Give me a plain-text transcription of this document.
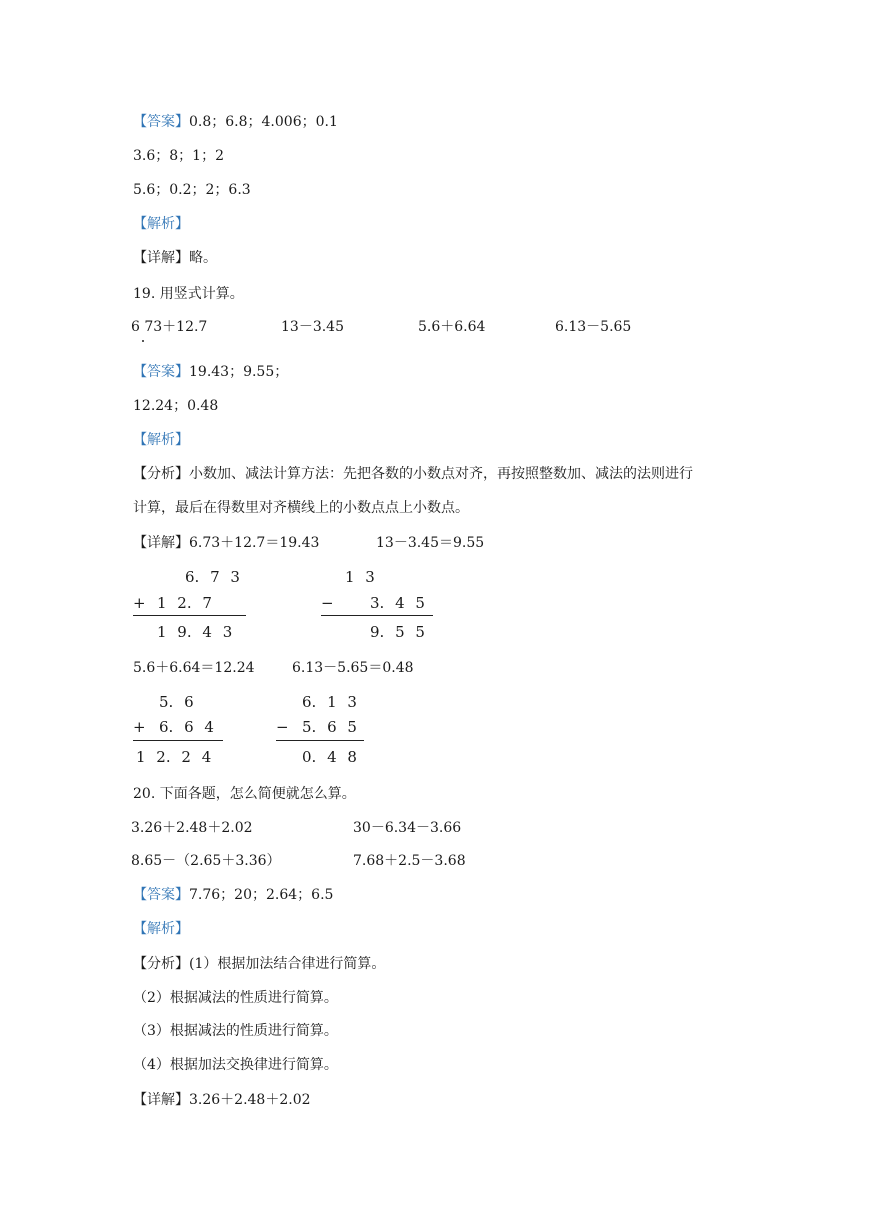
【答案】0.8；6.8；4.006；0.1
3.6；8；1；2
5.6；0.2；2；6.3
【解析】
【详解】略。
19. 用竖式计算。
6 73＋12.7	13－3.45	5.6＋6.64	6.13－5.65
【答案】19.43；9.55；
12.24；0.48
【解析】
【分析】小数加、减法计算方法：先把各数的小数点对齐，再按照整数加、减法的法则进行
计算，最后在得数里对齐横线上的小数点点上小数点。
【详解】6.73＋12.7＝19.43	13－3.45＝9.55
6. 7 3
+ 1 2. 7
1 9. 4 3
1 3
− 3. 4 5
9. 5 5
5.6＋6.64＝12.24	6.13－5.65＝0.48
5. 6
+ 6. 6 4
1 2. 2 4
6. 1 3
− 5. 6 5
0. 4 8
20. 下面各题，怎么简便就怎么算。
3.26＋2.48＋2.02	30－6.34－3.66
8.65－（2.65＋3.36）	7.68＋2.5－3.68
【答案】7.76；20；2.64；6.5
【解析】
【分析】(1）根据加法结合律进行简算。
（2）根据减法的性质进行简算。
（3）根据减法的性质进行简算。
（4）根据加法交换律进行简算。
【详解】3.26＋2.48＋2.02
